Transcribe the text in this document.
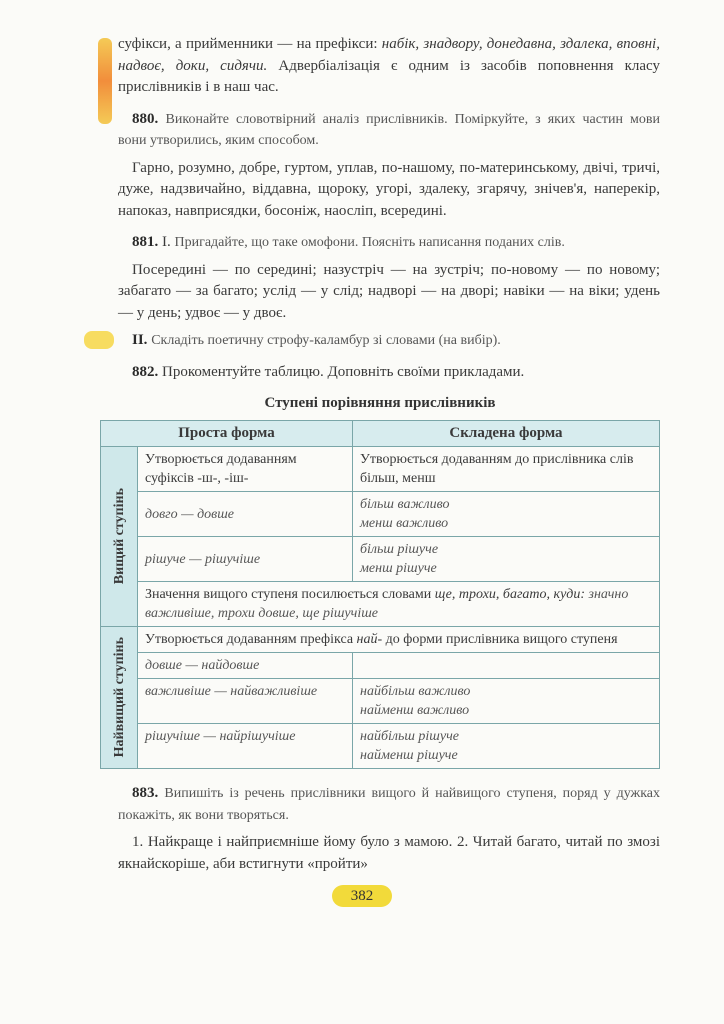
суфікси, а прийменники — на префікси: набік, знадвору, донедавна, здалека, вповні, надвоє, доки, сидячи. Адвербіалізація є одним із засобів поповнення класу прислівників і в наш час.
880. Виконайте словотвірний аналіз прислівників. Поміркуйте, з яких частин мови вони утворились, яким способом.
Гарно, розумно, добре, гуртом, уплав, по-нашому, по-материнському, двічі, тричі, дуже, надзвичайно, віддавна, щороку, угорі, здалеку, згарячу, знічев'я, наперекір, напоказ, навприсядки, босоніж, наосліп, всередині.
881. I. Пригадайте, що таке омофони. Поясніть написання поданих слів.
Посередині — по середині; назустріч — на зустріч; по-новому — по новому; забагато — за багато; услід — у слід; надворі — на дворі; навіки — на віки; удень — у день; удвоє — у двоє.
II. Складіть поетичну строфу-каламбур зі словами (на вибір).
882. Прокоментуйте таблицю. Доповніть своїми прикладами.
Ступені порівняння прислівників
Проста форма		Складена форма

Вищий ступінь	Утворюється додаванням суфіксів -ш-, -іш-	Утворюється додаванням до прислівника слів більш, менш
	довго — довше	більш важливо
менш важливо
	рішуче — рішучіше	більш рішуче
менш рішуче
	Значення вищого ступеня посилюється словами ще, трохи, багато, куди: значно важливіше, трохи довше, ще рішучіше	

Найвищий ступінь	Утворюється додаванням префікса най- до форми прислівника вищого ступеня	
	довше — найдовше	
	важливіше — найважливіше	найбільш важливо
найменш важливо
	рішучіше — найрішучіше	найбільш рішуче
найменш рішуче
883. Випишіть із речень прислівники вищого й найвищого ступеня, поряд у дужках покажіть, як вони творяться.
1. Найкраще і найприємніше йому було з мамою. 2. Читай багато, читай по змозі якнайскоріше, аби встигнути «пройти»
382
